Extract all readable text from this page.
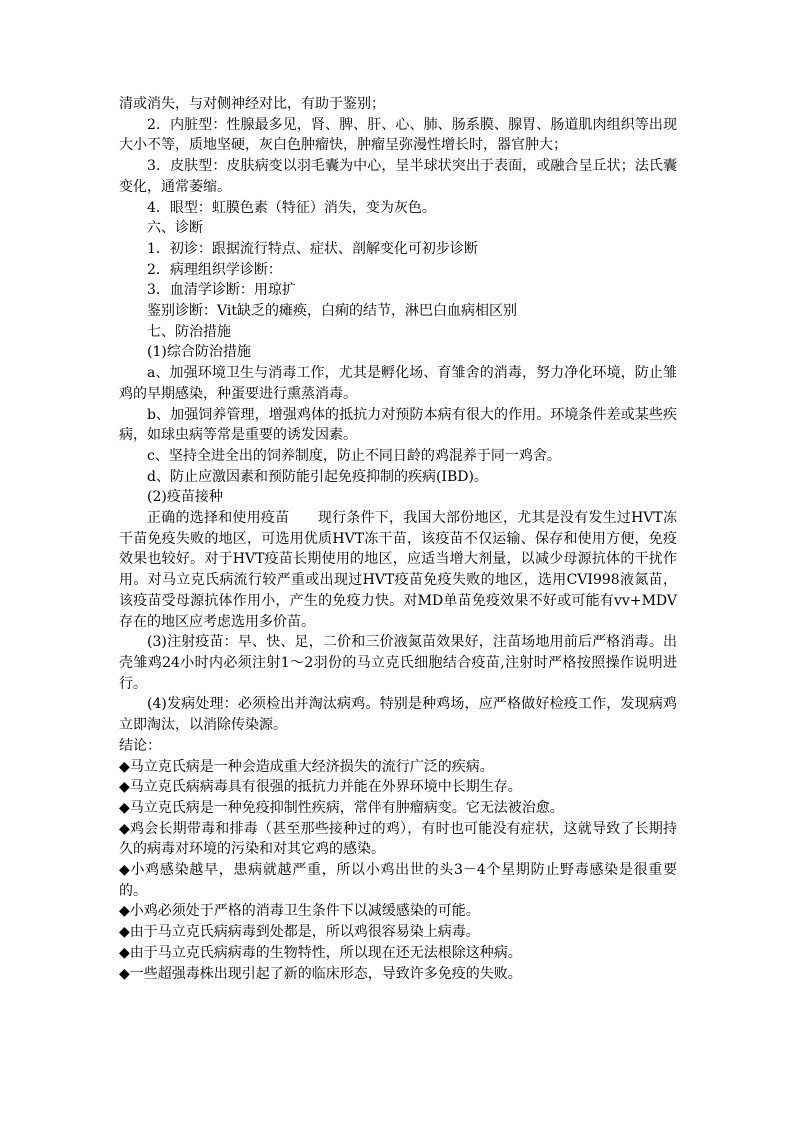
清或消失，与对侧神经对比，有助于鉴别；

2．内脏型：性腺最多见，肾、脾、肝、心、肺、肠系膜、腺胃、肠道肌肉组织等出现大小不等，质地坚硬，灰白色肿瘤快，肿瘤呈弥漫性增长时，器官肿大；

3．皮肤型：皮肤病变以羽毛囊为中心，呈半球状突出于表面，或融合呈丘状；法氏囊变化，通常萎缩。

4．眼型：虹膜色素（特征）消失，变为灰色。

六、诊断

1．初诊：跟据流行特点、症状、剖解变化可初步诊断

2．病理组织学诊断：

3．血清学诊断：用琼扩

鉴别诊断：Vit缺乏的瘫痪，白痢的结节，淋巴白血病相区别

七、防治措施

(1)综合防治措施

a、加强环境卫生与消毒工作，尤其是孵化场、育雏舍的消毒，努力净化环境，防止雏鸡的早期感染，种蛋要进行熏蒸消毒。

b、加强饲养管理，增强鸡体的抵抗力对预防本病有很大的作用。环境条件差或某些疾病，如球虫病等常是重要的诱发因素。

c、坚持全进全出的饲养制度，防止不同日龄的鸡混养于同一鸡舍。

d、防止应激因素和预防能引起免疫抑制的疾病(IBD)。

(2)疫苗接种

正确的选择和使用疫苗　　现行条件下，我国大部份地区，尤其是没有发生过HVT冻干苗免疫失败的地区，可选用优质HVT冻干苗，该疫苗不仅运输、保存和使用方便，免疫效果也较好。对于HVT疫苗长期使用的地区，应适当增大剂量，以减少母源抗体的干扰作用。对马立克氏病流行较严重或出现过HVT疫苗免疫失败的地区，选用CVI998液氮苗，该疫苗受母源抗体作用小，产生的免疫力快。对MD单苗免疫效果不好或可能有vv+MDV存在的地区应考虑选用多价苗。

(3)注射疫苗：早、快、足，二价和三价液氮苗效果好，注苗场地用前后严格消毒。出壳雏鸡24小时内必须注射1～2羽份的马立克氏细胞结合疫苗,注射时严格按照操作说明进行。

(4)发病处理：必须检出并淘汰病鸡。特别是种鸡场，应严格做好检疫工作，发现病鸡立即淘汰，以消除传染源。

结论：

◆马立克氏病是一种会造成重大经济损失的流行广泛的疾病。

◆马立克氏病病毒具有很强的抵抗力并能在外界环境中长期生存。

◆马立克氏病是一种免疫抑制性疾病，常伴有肿瘤病变。它无法被治愈。

◆鸡会长期带毒和排毒（甚至那些接种过的鸡），有时也可能没有症状，这就导致了长期持久的病毒对环境的污染和对其它鸡的感染。

◆小鸡感染越早，患病就越严重，所以小鸡出世的头3－4个星期防止野毒感染是很重要的。

◆小鸡必须处于严格的消毒卫生条件下以减缓感染的可能。

◆由于马立克氏病病毒到处都是，所以鸡很容易染上病毒。

◆由于马立克氏病病毒的生物特性，所以现在还无法根除这种病。

◆一些超强毒株出现引起了新的临床形态，导致许多免疫的失败。
